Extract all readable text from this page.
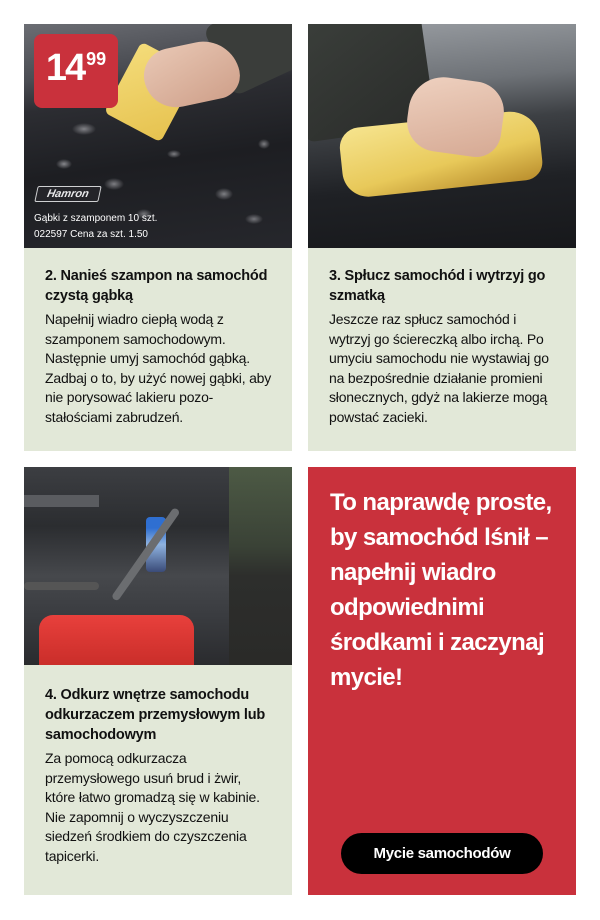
14 99
Hamron
Gąbki z szamponem 10 szt.
022597 Cena za szt. 1.50
2. Nanieś szampon na samochód czystą gąbką
Napełnij wiadro ciepłą wodą z szamponem samochodowym. Następnie umyj samochód gąbką. Zadbaj o to, by użyć nowej gąbki, aby nie porysować lakieru pozostałościami zabrudzeń.
3. Spłucz samochód i wytrzyj go szmatką
Jeszcze raz spłucz samochód i wytrzyj go ściereczką albo irchą. Po umyciu samochodu nie wystawiaj go na bezpośrednie działanie promieni słonecznych, gdyż na lakierze mogą powstać zacieki.
4. Odkurz wnętrze samochodu odkurzaczem przemysłowym lub samochodowym
Za pomocą odkurzacza przemysłowego usuń brud i żwir, które łatwo gromadzą się w kabinie. Nie zapomnij o wyczyszczeniu siedzeń środkiem do czyszczenia tapicerki.
To naprawdę proste, by samochód lśnił – napełnij wiadro odpowiednimi środkami i zaczynaj mycie!
Mycie samochodów
